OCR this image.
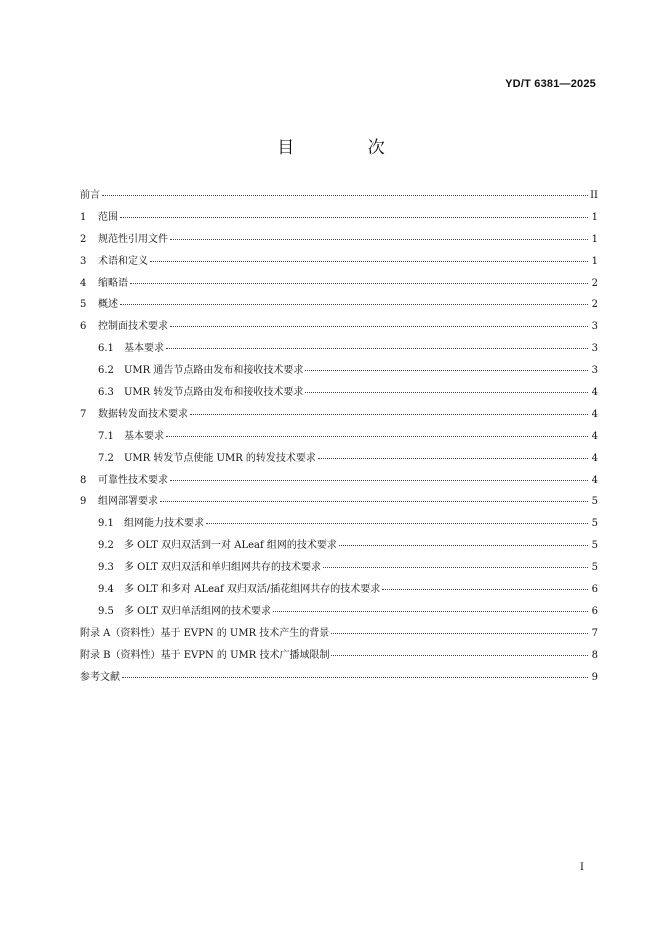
YD/T 6381—2025
目 次
前言	II
1	范围	1
2	规范性引用文件	1
3	术语和定义	1
4	缩略语	2
5	概述	2
6	控制面技术要求	3
6.1	基本要求	3
6.2	UMR 通告节点路由发布和接收技术要求	3
6.3	UMR 转发节点路由发布和接收技术要求	4
7	数据转发面技术要求	4
7.1	基本要求	4
7.2	UMR 转发节点使能 UMR 的转发技术要求	4
8	可靠性技术要求	4
9	组网部署要求	5
9.1	组网能力技术要求	5
9.2	多 OLT 双归双活到一对 ALeaf 组网的技术要求	5
9.3	多 OLT 双归双活和单归组网共存的技术要求	5
9.4	多 OLT 和多对 ALeaf 双归双活/插花组网共存的技术要求	6
9.5	多 OLT 双归单活组网的技术要求	6
附录 A（资料性）基于 EVPN 的 UMR 技术产生的背景	7
附录 B（资料性）基于 EVPN 的 UMR 技术广播域限制	8
参考文献	9
I
